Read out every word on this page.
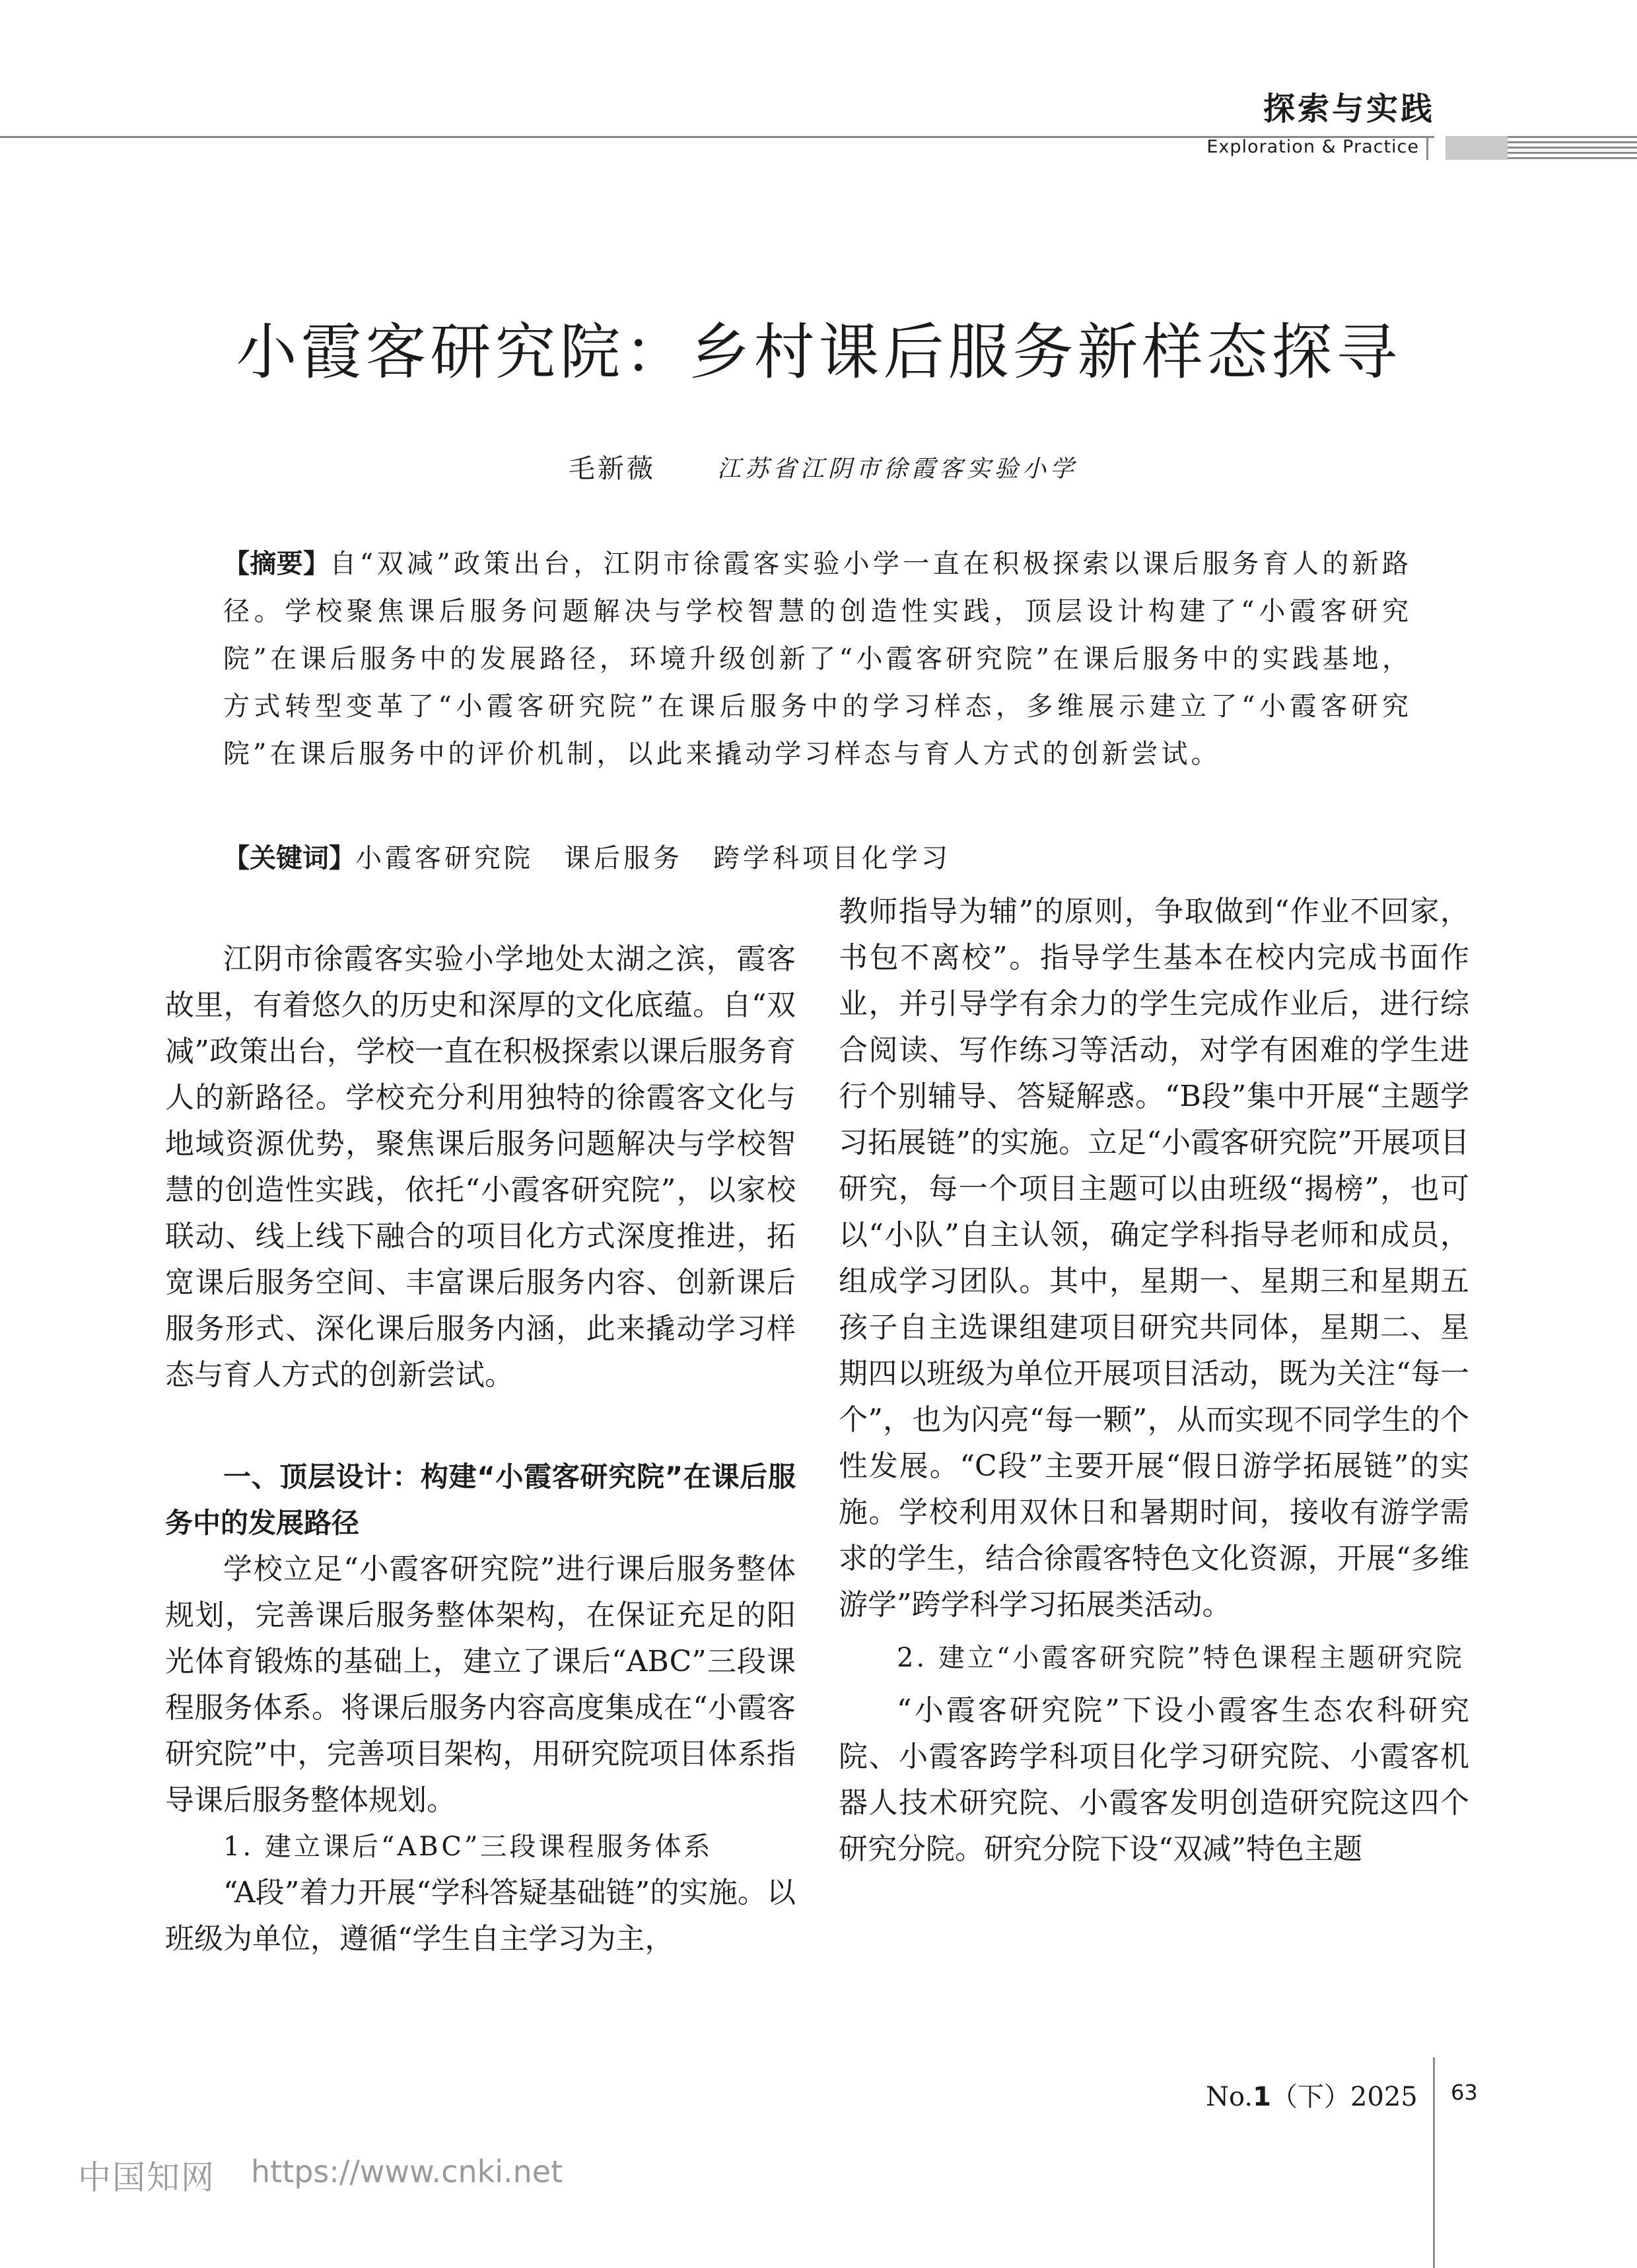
探索与实践
Exploration & Practice
小霞客研究院：乡村课后服务新样态探寻
毛新薇	江苏省江阴市徐霞客实验小学
【摘要】自“双减”政策出台，江阴市徐霞客实验小学一直在积极探索以课后服务育人的新路径。学校聚焦课后服务问题解决与学校智慧的创造性实践，顶层设计构建了“小霞客研究院”在课后服务中的发展路径，环境升级创新了“小霞客研究院”在课后服务中的实践基地，方式转型变革了“小霞客研究院”在课后服务中的学习样态，多维展示建立了“小霞客研究院”在课后服务中的评价机制，以此来撬动学习样态与育人方式的创新尝试。
【关键词】小霞客研究院 课后服务 跨学科项目化学习

江阴市徐霞客实验小学地处太湖之滨，霞客故里，有着悠久的历史和深厚的文化底蕴。自“双减”政策出台，学校一直在积极探索以课后服务育人的新路径。学校充分利用独特的徐霞客文化与地域资源优势，聚焦课后服务问题解决与学校智慧的创造性实践，依托“小霞客研究院”，以家校联动、线上线下融合的项目化方式深度推进，拓宽课后服务空间、丰富课后服务内容、创新课后服务形式、深化课后服务内涵，此来撬动学习样态与育人方式的创新尝试。

一、顶层设计：构建“小霞客研究院”在课后服务中的发展路径

学校立足“小霞客研究院”进行课后服务整体规划，完善课后服务整体架构，在保证充足的阳光体育锻炼的基础上，建立了课后“ABC”三段课程服务体系。将课后服务内容高度集成在“小霞客研究院”中，完善项目架构，用研究院项目体系指导课后服务整体规划。

1. 建立课后“ABC”三段课程服务体系

“A段”着力开展“学科答疑基础链”的实施。以班级为单位，遵循“学生自主学习为主，

教师指导为辅”的原则，争取做到“作业不回家，书包不离校”。指导学生基本在校内完成书面作业，并引导学有余力的学生完成作业后，进行综合阅读、写作练习等活动，对学有困难的学生进行个别辅导、答疑解惑。“B段”集中开展“主题学习拓展链”的实施。立足“小霞客研究院”开展项目研究，每一个项目主题可以由班级“揭榜”，也可以“小队”自主认领，确定学科指导老师和成员，组成学习团队。其中，星期一、星期三和星期五孩子自主选课组建项目研究共同体，星期二、星期四以班级为单位开展项目活动，既为关注“每一个”，也为闪亮“每一颗”，从而实现不同学生的个性发展。“C段”主要开展“假日游学拓展链”的实施。学校利用双休日和暑期时间，接收有游学需求的学生，结合徐霞客特色文化资源，开展“多维游学”跨学科学习拓展类活动。

2. 建立“小霞客研究院”特色课程主题研究院

“小霞客研究院”下设小霞客生态农科研究院、小霞客跨学科项目化学习研究院、小霞客机器人技术研究院、小霞客发明创造研究院这四个研究分院。研究分院下设“双减”特色主题

No.1（下）2025 63
中国知网 https://www.cnki.net
